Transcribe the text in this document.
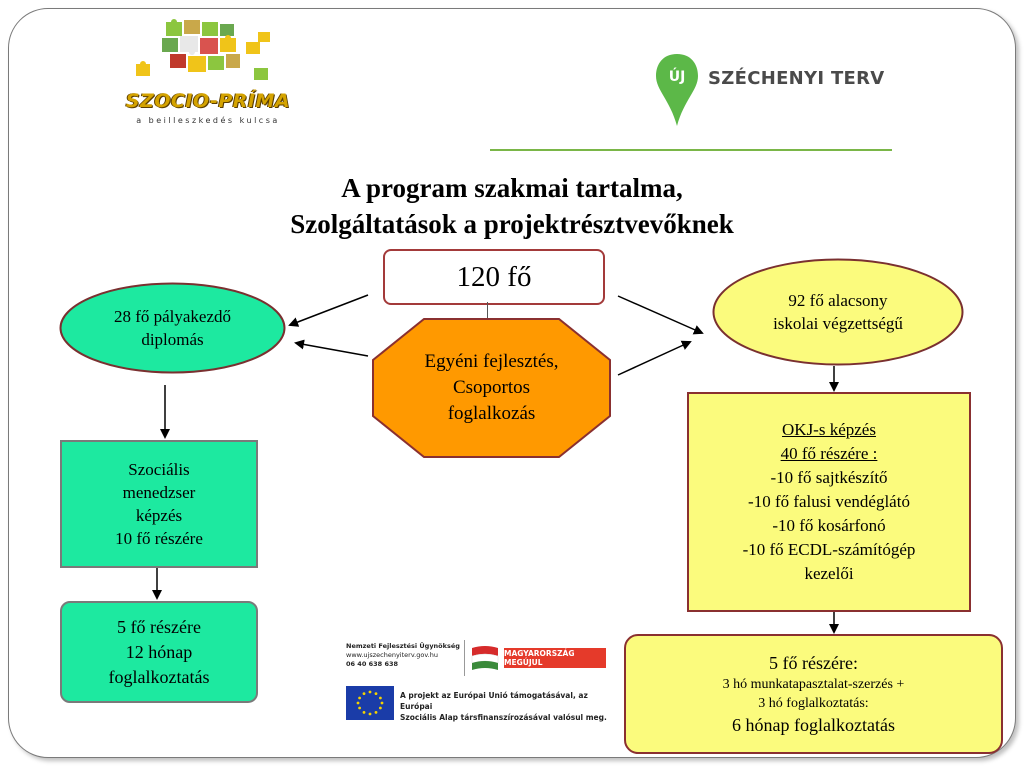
SZOCIO-PRÍMA
a beilleszkedés kulcsa
ÚJ SZÉCHENYI TERV
A program szakmai tartalma,
Szolgáltatások a projektrésztvevőknek
120 fő
Egyéni fejlesztés,
Csoportos
foglalkozás
28 fő pályakezdő
diplomás
Szociális
menedzser
képzés
10 fő részére
5 fő részére
12 hónap
foglalkoztatás
92 fő alacsony
iskolai végzettségű
OKJ-s képzés
40 fő részére :
-10 fő sajtkészítő
-10 fő falusi vendéglátó
-10 fő kosárfonó
-10 fő ECDL-számítógép
kezelői
5 fő részére:
3 hó munkatapasztalat-szerzés +
3 hó foglalkoztatás:
6 hónap foglalkoztatás
Nemzeti Fejlesztési Ügynökség
www.ujszechenyiterv.gov.hu
06 40 638 638
MAGYARORSZÁG MEGÚJUL
A projekt az Európai Unió támogatásával, az Európai
Szociális Alap társfinanszírozásával valósul meg.
